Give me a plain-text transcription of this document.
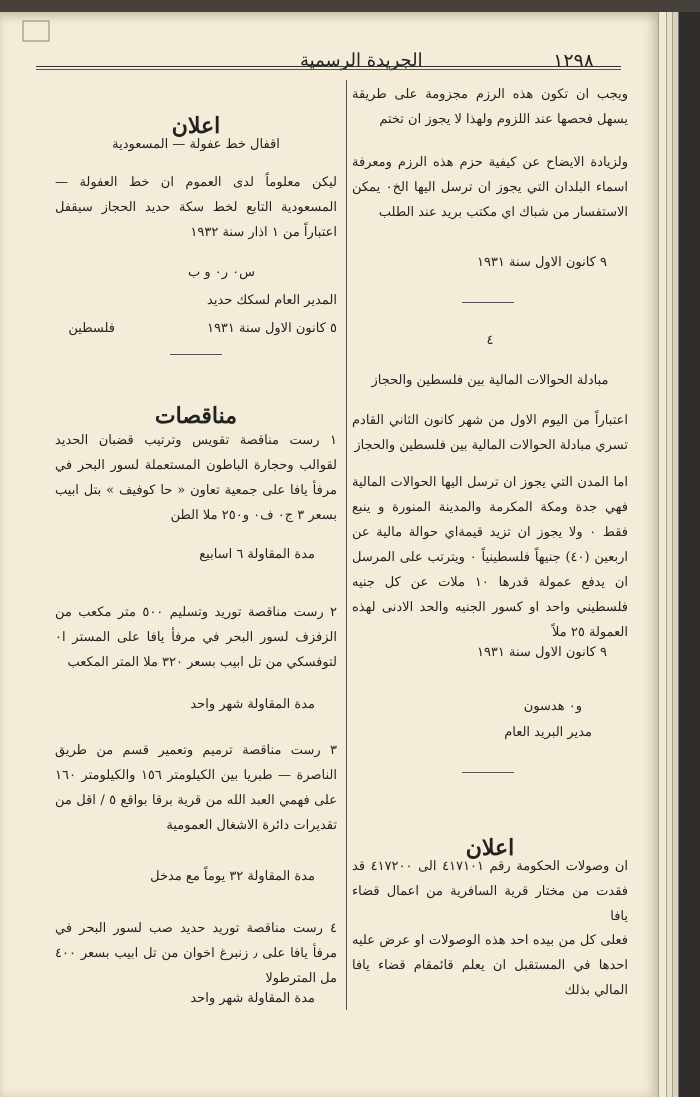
١٢٩٨
الجريدة الرسمية

ويجب ان تكون هذه الرزم مجزومة على طريقة يسهل فحصها عند اللزوم ولهذا لا يجوز ان تختم

ولزيادة الايضاح عن كيفية حزم هذه الرزم ومعرفة اسماء البلدان التي يجوز ان ترسل اليها الخ٠ يمكن الاستفسار من شباك اي مكتب بريد عند الطلب

٩ كانون الاول سنة ١٩٣١

٤

مبادلة الحوالات المالية بين فلسطين والحجاز

اعتباراً من اليوم الاول من شهر كانون الثاني القادم تسري مبادلة الحوالات المالية بين فلسطين والحجاز

اما المدن التي يجوز ان ترسل اليها الحوالات المالية فهي جدة ومكة المكرمة والمدينة المنورة و ينبع فقط ٠ ولا يجوز ان تزيد قيمةاي حوالة مالية عن اربعين (٤٠) جنيهاً فلسطينياً ٠ ويترتب على المرسل ان يدفع عمولة قدرها ١٠ ملات عن كل جنيه فلسطيني واحد او كسور الجنيه والحد الادنى لهذه العمولة ٢٥ ملاً

٩ كانون الاول سنة ١٩٣١

و٠ هدسون

مدير البريد العام

اعلان

ان وصولات الحكومة رقم ٤١٧١٠١ الى ٤١٧٢٠٠ قد فقدت من مختار قرية السافرية من اعمال قضاء يافا

فعلى كل من بيده احد هذه الوصولات او عرض عليه احدها في المستقبل ان يعلم قائمقام قضاء يافا المالي بذلك

اعلان

اقفال خط عفولة — المسعودية

ليكن معلوماً لدى العموم ان خط العفولة — المسعودية التابع لخط سكة حديد الحجاز سيقفل اعتباراً من ١ اذار سنة ١٩٣٢

س٠ ر٠ و ب

المدير العام لسكك حديد

٥ كانون الاول سنة ١٩٣١

فلسطين

مناقصات

١ رست مناقصة تقويس وترتيب قضبان الحديد لقوالب وحجارة الباطون المستعملة لسور البحر في مرفأ يافا على جمعية تعاون « حا كوفيف » بتل ابيب بسعر ٣ ج٠ ف٠ و٢٥٠ ملا الطن

مدة المقاولة ٦ اسابيع

٢ رست مناقصة توريد وتسليم ٥٠٠ متر مكعب من الزفزف لسور البحر في مرفأ يافا على المستر ا٠ لتوفسكي من تل ابيب بسعر ٣٢٠ ملا المتر المكعب

مدة المقاولة شهر واحد

٣ رست مناقصة ترميم وتعمير قسم من طريق الناصرة — طبريا بين الكيلومتر ١٥٦ والكيلومتر ١٦٠ على فهمي العبد الله من قرية برقا بواقع ٥ / اقل من تقديرات دائرة الاشغال العمومية

مدة المقاولة ٣٢ يوماً مع مدخل

٤ رست مناقصة توريد حديد صب لسور البحر في مرفأ يافا على ٫ زنبرغ اخوان من تل ابيب بسعر ٤٠٠ مل المترطولا

مدة المقاولة شهر واحد
